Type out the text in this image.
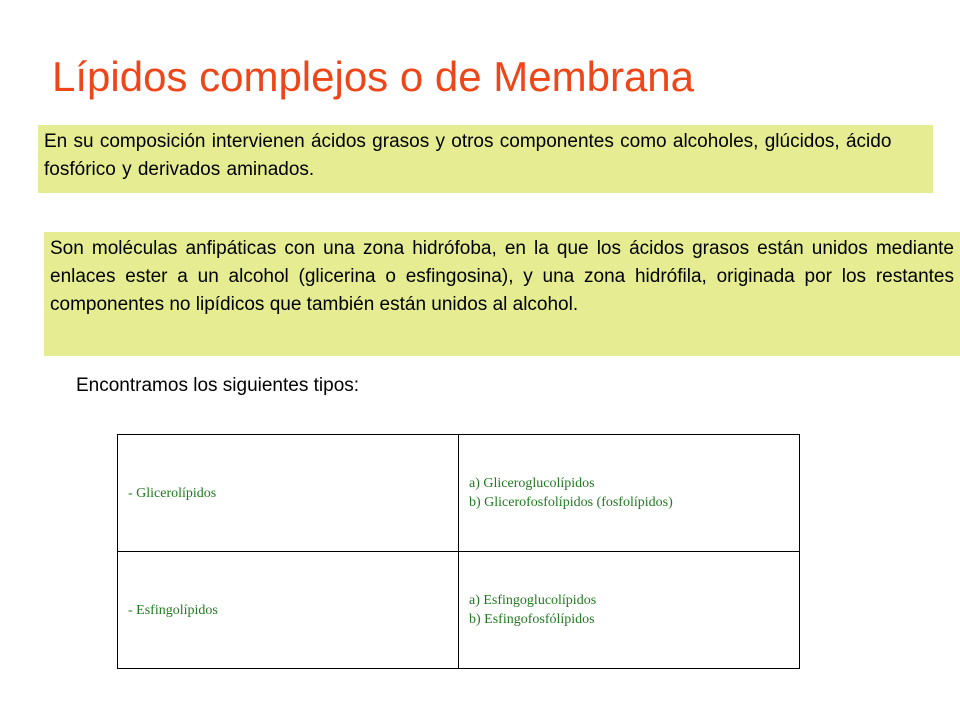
Lípidos complejos o de Membrana
En su composición intervienen ácidos grasos y otros componentes como alcoholes, glúcidos, ácido fosfórico y derivados aminados.
Son moléculas anfipáticas con una zona hidrófoba, en la que los ácidos grasos están unidos mediante enlaces ester a un alcohol (glicerina o esfingosina), y una zona hidrófila, originada por los restantes componentes no lipídicos que también están unidos al alcohol.
Encontramos los siguientes tipos:
- Glicerolípidos	a) Gliceroglucolípidos
b) Glicerofosfolípidos (fosfolípidos)

- Esfingolípidos	a) Esfingoglucolípidos
b) Esfingofosfólípidos
